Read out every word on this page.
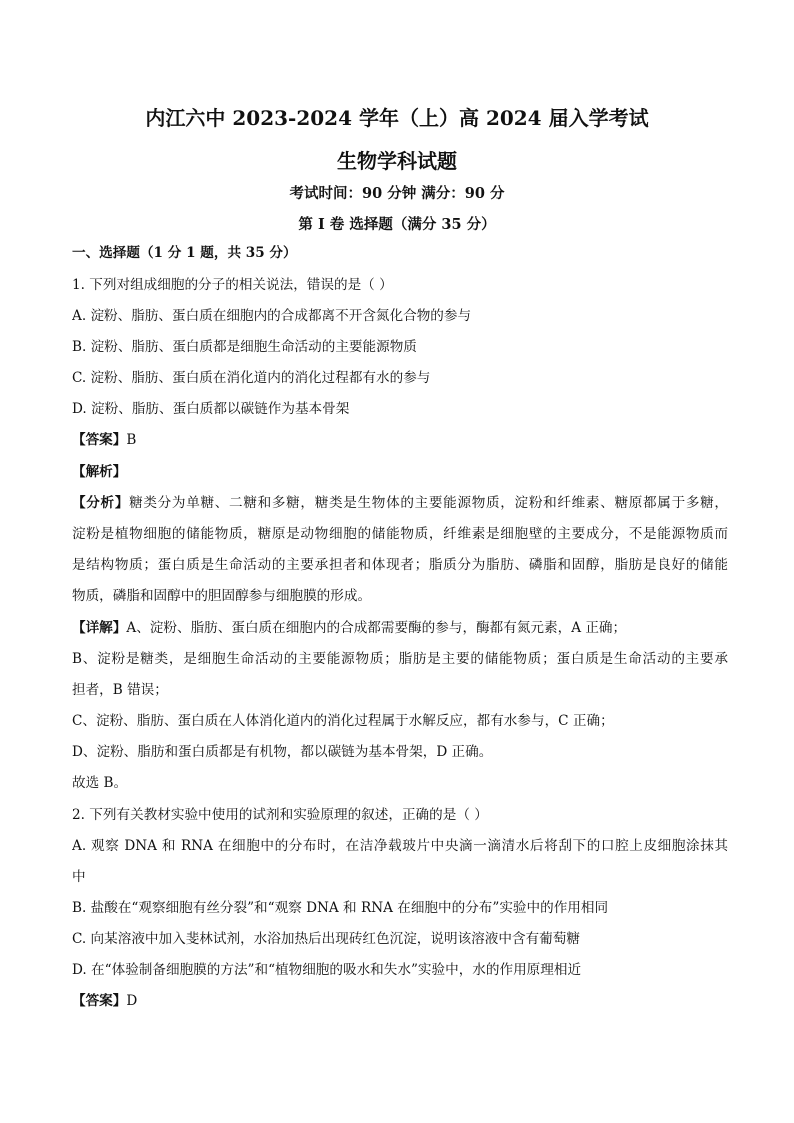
内江六中 2023-2024 学年（上）高 2024 届入学考试
生物学科试题
考试时间：90 分钟 满分：90 分
第 I 卷 选择题（满分 35 分）
一、选择题（1 分 1 题，共 35 分）
1. 下列对组成细胞的分子的相关说法，错误的是（ ）
A. 淀粉、脂肪、蛋白质在细胞内的合成都离不开含氮化合物的参与
B. 淀粉、脂肪、蛋白质都是细胞生命活动的主要能源物质
C. 淀粉、脂肪、蛋白质在消化道内的消化过程都有水的参与
D. 淀粉、脂肪、蛋白质都以碳链作为基本骨架
【答案】B
【解析】
【分析】糖类分为单糖、二糖和多糖，糖类是生物体的主要能源物质，淀粉和纤维素、糖原都属于多糖，
淀粉是植物细胞的储能物质，糖原是动物细胞的储能物质，纤维素是细胞壁的主要成分，不是能源物质而
是结构物质；蛋白质是生命活动的主要承担者和体现者；脂质分为脂肪、磷脂和固醇，脂肪是良好的储能
物质，磷脂和固醇中的胆固醇参与细胞膜的形成。
【详解】A、淀粉、脂肪、蛋白质在细胞内的合成都需要酶的参与，酶都有氮元素，A 正确；
B、淀粉是糖类，是细胞生命活动的主要能源物质；脂肪是主要的储能物质；蛋白质是生命活动的主要承
担者，B 错误；
C、淀粉、脂肪、蛋白质在人体消化道内的消化过程属于水解反应，都有水参与，C 正确；
D、淀粉、脂肪和蛋白质都是有机物，都以碳链为基本骨架，D 正确。
故选 B。
2. 下列有关教材实验中使用的试剂和实验原理的叙述，正确的是（ ）
A. 观察 DNA 和 RNA 在细胞中的分布时，在洁净载玻片中央滴一滴清水后将刮下的口腔上皮细胞涂抹其
中
B. 盐酸在“观察细胞有丝分裂”和“观察 DNA 和 RNA 在细胞中的分布”实验中的作用相同
C. 向某溶液中加入斐林试剂，水浴加热后出现砖红色沉淀，说明该溶液中含有葡萄糖
D. 在“体验制备细胞膜的方法”和“植物细胞的吸水和失水”实验中，水的作用原理相近
【答案】D
